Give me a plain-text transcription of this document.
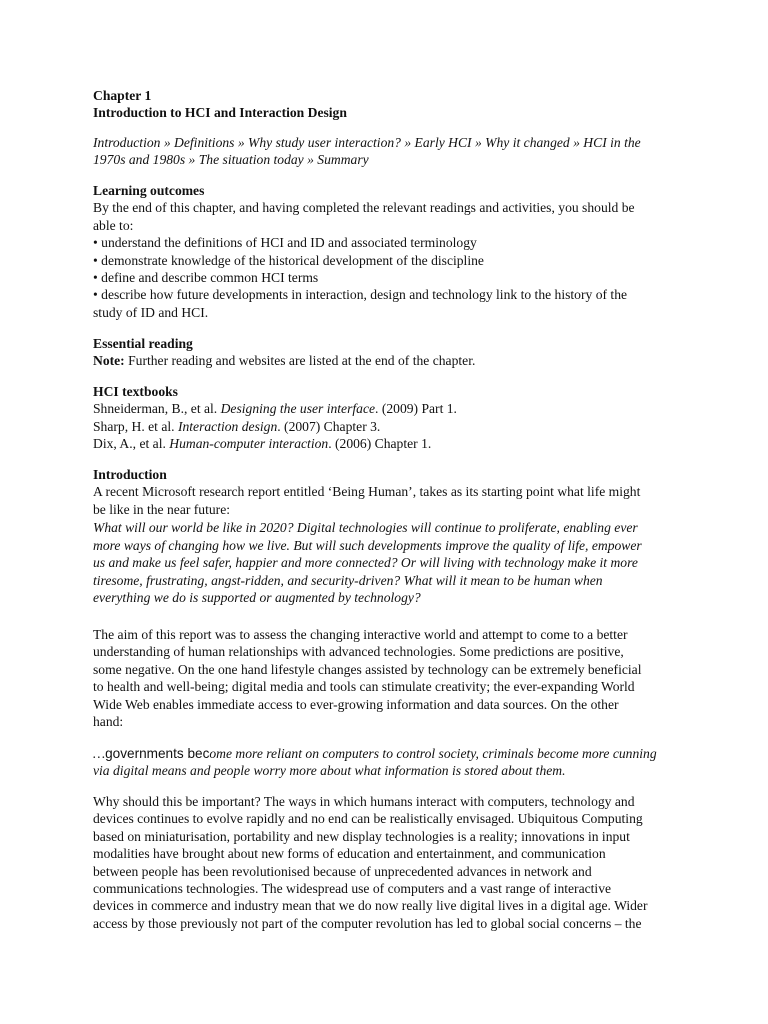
Chapter 1
Introduction to HCI and Interaction Design
Introduction » Definitions » Why study user interaction? » Early HCI » Why it changed » HCI in the
1970s and 1980s » The situation today » Summary
Learning outcomes
By the end of this chapter, and having completed the relevant readings and activities, you should be
able to:
• understand the definitions of HCI and ID and associated terminology
• demonstrate knowledge of the historical development of the discipline
• define and describe common HCI terms
• describe how future developments in interaction, design and technology link to the history of the
study of ID and HCI.
Essential reading
Note: Further reading and websites are listed at the end of the chapter.
HCI textbooks
Shneiderman, B., et al. Designing the user interface. (2009) Part 1.
Sharp, H. et al. Interaction design. (2007) Chapter 3.
Dix, A., et al. Human-computer interaction. (2006) Chapter 1.
Introduction
A recent Microsoft research report entitled ‘Being Human’, takes as its starting point what life might
be like in the near future:
What will our world be like in 2020? Digital technologies will continue to proliferate, enabling ever
more ways of changing how we live. But will such developments improve the quality of life, empower
us and make us feel safer, happier and more connected? Or will living with technology make it more
tiresome, frustrating, angst-ridden, and security-driven? What will it mean to be human when
everything we do is supported or augmented by technology?
The aim of this report was to assess the changing interactive world and attempt to come to a better
understanding of human relationships with advanced technologies. Some predictions are positive,
some negative. On the one hand lifestyle changes assisted by technology can be extremely beneficial
to health and well-being; digital media and tools can stimulate creativity; the ever-expanding World
Wide Web enables immediate access to ever-growing information and data sources. On the other
hand:
…governments become more reliant on computers to control society, criminals become more cunning
via digital means and people worry more about what information is stored about them.
Why should this be important? The ways in which humans interact with computers, technology and
devices continues to evolve rapidly and no end can be realistically envisaged. Ubiquitous Computing
based on miniaturisation, portability and new display technologies is a reality; innovations in input
modalities have brought about new forms of education and entertainment, and communication
between people has been revolutionised because of unprecedented advances in network and
communications technologies. The widespread use of computers and a vast range of interactive
devices in commerce and industry mean that we do now really live digital lives in a digital age. Wider
access by those previously not part of the computer revolution has led to global social concerns – the
